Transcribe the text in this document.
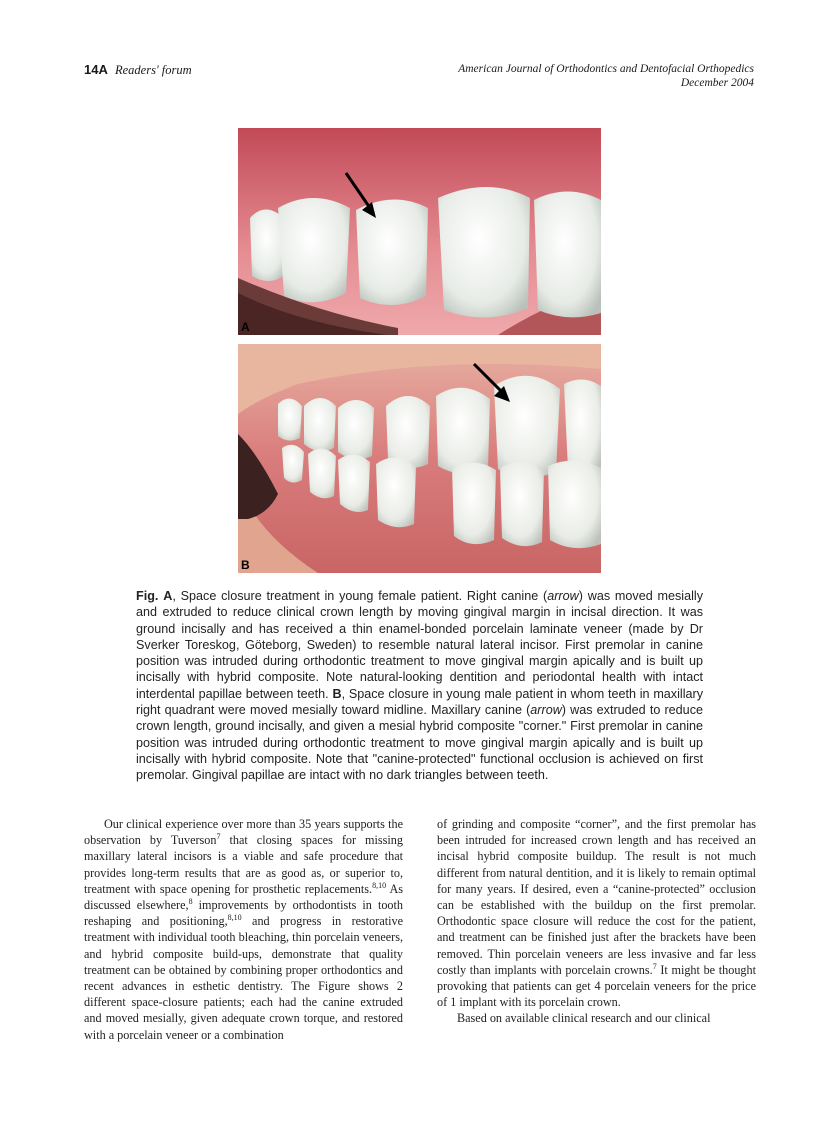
14A Readers' forum	American Journal of Orthodontics and Dentofacial Orthopedics
December 2004
A
B
Fig. A, Space closure treatment in young female patient. Right canine (arrow) was moved mesially and extruded to reduce clinical crown length by moving gingival margin in incisal direction. It was ground incisally and has received a thin enamel-bonded porcelain laminate veneer (made by Dr Sverker Toreskog, Göteborg, Sweden) to resemble natural lateral incisor. First premolar in canine position was intruded during orthodontic treatment to move gingival margin apically and is built up incisally with hybrid composite. Note natural-looking dentition and periodontal health with intact interdental papillae between teeth. B, Space closure in young male patient in whom teeth in maxillary right quadrant were moved mesially toward midline. Maxillary canine (arrow) was extruded to reduce crown length, ground incisally, and given a mesial hybrid composite "corner." First premolar in canine position was intruded during orthodontic treatment to move gingival margin apically and is built up incisally with hybrid composite. Note that "canine-protected" functional occlusion is achieved on first premolar. Gingival papillae are intact with no dark triangles between teeth.

Our clinical experience over more than 35 years supports the observation by Tuverson$^7$ that closing spaces for missing maxillary lateral incisors is a viable and safe procedure that provides long-term results that are as good as, or superior to, treatment with space opening for prosthetic replacements.$^{8,10}$ As discussed elsewhere,$^8$ improvements by orthodontists in tooth reshaping and positioning,$^{8,10}$ and progress in restorative treatment with individual tooth bleaching, thin porcelain veneers, and hybrid composite build-ups, demonstrate that quality treatment can be obtained by combining proper orthodontics and recent advances in esthetic dentistry. The Figure shows 2 different space-closure patients; each had the canine extruded and moved mesially, given adequate crown torque, and restored with a porcelain veneer or a combination

of grinding and composite “corner”, and the first premolar has been intruded for increased crown length and has received an incisal hybrid composite buildup. The result is not much different from natural dentition, and it is likely to remain optimal for many years. If desired, even a “canine-protected” occlusion can be established with the buildup on the first premolar. Orthodontic space closure will reduce the cost for the patient, and treatment can be finished just after the brackets have been removed. Thin porcelain veneers are less invasive and far less costly than implants with porcelain crowns.$^7$ It might be thought provoking that patients can get 4 porcelain veneers for the price of 1 implant with its porcelain crown.

Based on available clinical research and our clinical
